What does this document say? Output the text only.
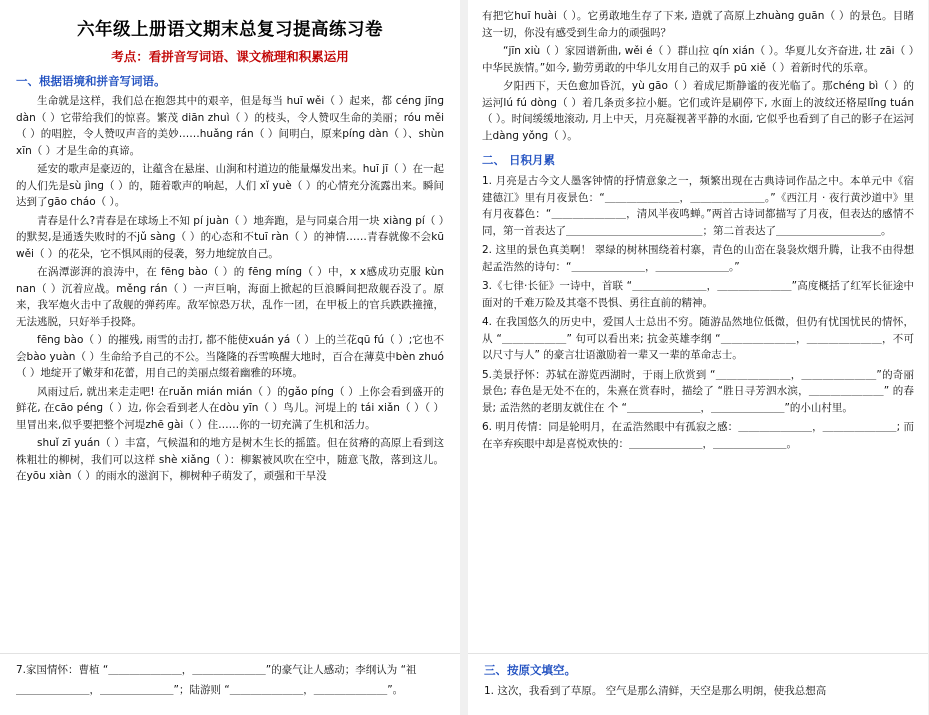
六年级上册语文期末总复习提高练习卷
考点：看拼音写词语、课文梳理和积累运用
一、根据语境和拼音写词语。

生命就是这样，我们总在抱怨其中的艰辛，但是每当 huī wěi（ ）起来，都 cénɡ jīnɡ dàn（ ）它带给我们的惊喜。繁茂 diān zhuì（ ）的枝头，令人赞叹生命的美丽；róu měi（ ）的唱腔，令人赞叹声音的美妙……huǎnɡ rán（ ）间明白，原来pínɡ dàn（ ）、shùn xīn（ ）才是生命的真谛。

延安的歌声是豪迈的，让蕴含在悬崖、山涧和村道边的能量爆发出来。huī jī（ ）在一起的人们先是sù jìnɡ（ ）的，随着歌声的响起，人们 xǐ yuè（ ）的心情充分流露出来。瞬间达到了ɡāo cháo（ ）。

青春是什么?青春是在球场上不知 pí juàn（ ）地奔跑，是与同桌合用一块 xiànɡ pí（ ）的默契,是通透失败时的不jǔ sànɡ（ ）的心态和不tuī ràn（ ）的神情……青春就像不会kū wěi（ ）的花朵，它不惧风雨的侵袭，努力地绽放自己。

在涡潭澎湃的浪涛中，在 fēnɡ bào（ ）的 fēnɡ mínɡ（ ）中，x x感成功克服 kùn nan（ ）沉着应战。měnɡ rán（ ）一声巨响，海面上掀起的巨浪瞬间把敌舰吞没了。原来，我军炮火击中了敌舰的弹药库。敌军惊恐万状，乱作一团，在甲板上的官兵跌跌撞撞，无法逃脱，只好举手投降。

fēnɡ bào（ ）的摧残, 雨雪的击打, 都不能使xuán yá（ ）上的兰花qū fú（ ）;它也不会bào yuàn（ ）生命给予自己的不公。当隆隆的吞雪唤醒大地时，百合在薄莫中bèn zhuó（ ）地绽开了嫩芽和花蕾，用自己的美丽点缀着幽雅的环境。

风雨过后, 就出来走走吧! 在ruǎn mián mián（ ）的ɡǎo pínɡ（ ）上你会看到盛开的鲜花, 在cāo pénɡ（ ）边, 你会看到老人在dòu yīn（ ）鸟儿。河堤上的 tái xiǎn（ ）（ ）里冒出来,似乎要把整个河堤zhē ɡài（ ）住……你的一切充满了生机和活力。

shuǐ zī yuán（ ）丰富，气候温和的地方是树木生长的摇篮。但在贫瘠的高原上看到这株粗壮的柳树，我们可以这样 shè xiǎnɡ（ ）：柳絮被风吹在空中，随意飞散，落到这儿。在yōu xiàn（ ）的雨水的滋润下，柳树种子萌发了，顽强和干旱没

7.家国情怀：曹植 “＿＿＿＿＿＿＿，＿＿＿＿＿＿＿”的豪气让人感动；李纲认为 “祖

＿＿＿＿＿＿＿，＿＿＿＿＿＿＿”；陆游则 “＿＿＿＿＿＿＿，＿＿＿＿＿＿＿”。

有把它huī huài（ ）。它勇敢地生存了下来, 造就了高原上zhuànɡ ɡuān（ ）的景色。目睹这一切，你没有感受到生命力的顽强吗？

“jīn xiù（ ）家园谱新曲, wěi é（ ）群山拉 qín xián（ ）。华夏儿女齐奋进, 壮 zāi（ ）中华民族情。”如今, 勤劳勇敢的中华儿女用自己的双手 pū xiě（ ）着新时代的乐章。

夕阳西下，天色愈加昏沉，yù ɡāo（ ）着成尼斯静谧的夜光临了。那chénɡ bì（ ）的运河lú fú dònɡ（ ）着几条贡多拉小艇。它们或许是刷停下, 水面上的波纹还格屋lǐnɡ tuán（ ）。时间缓缓地滚动, 月上中天，月亮凝视著平静的水面, 它似乎也看到了自己的影子在运河上dànɡ yǒnɡ（ ）。

二、 日积月累

1. 月亮是古今文人墨客钟情的抒情意象之一，频繁出现在古典诗词作品之中。本单元中《宿建德江》里有月夜景色：“＿＿＿＿＿＿＿，＿＿＿＿＿＿＿。”《西江月 · 夜行黄沙道中》里有月夜暮色：“＿＿＿＿＿＿＿，清风半夜鸣蝉。”两首古诗词都描写了月夜，但表达的感情不同，第一首表达了＿＿＿＿＿＿＿＿＿＿＿＿＿；第二首表达了＿＿＿＿＿＿＿＿＿＿。

2. 这里的景色真美啊！ 翠绿的树林围绕着村寨，青色的山峦在袅袅炊烟升腾，让我不由得想起孟浩然的诗句：“＿＿＿＿＿＿＿，＿＿＿＿＿＿＿。”

3.《七律·长征》一诗中，首联 “＿＿＿＿＿＿＿，＿＿＿＿＿＿＿”高度概括了红军长征途中面对的千难万险及其毫不畏惧、勇往直前的精神。

4. 在我国悠久的历史中，爱国人士总出不穷。随游品然地位低微，但仍有忧国忧民的情怀，从 “＿＿＿＿＿＿” 句可以看出来; 抗金英雄李纲 “＿＿＿＿＿＿＿，＿＿＿＿＿＿＿，不可以尺寸与人” 的豪言壮语激励着一辈又一辈的革命志士。

5.美景抒怀：苏轼在游览西湖时，于雨上欣赏到 “＿＿＿＿＿＿＿，＿＿＿＿＿＿＿”的奇丽景色; 春色是无处不在的，朱熹在赏春时，描绘了 “胜日寻芳泗水滨，＿＿＿＿＿＿＿” 的春景; 孟浩然的老朋友就住在 个 “＿＿＿＿＿＿＿，＿＿＿＿＿＿＿”的小山村里。

6. 明月传情：同是轮明月，在孟浩然眼中有孤寂之感：＿＿＿＿＿＿＿，＿＿＿＿＿＿＿; 而在辛弃疾眼中却是喜悦欢快的：＿＿＿＿＿＿＿，＿＿＿＿＿＿＿。

三、按原文填空。

1. 这次，我看到了草原。 空气是那么清鲜，天空是那么明朗，使我总想高
